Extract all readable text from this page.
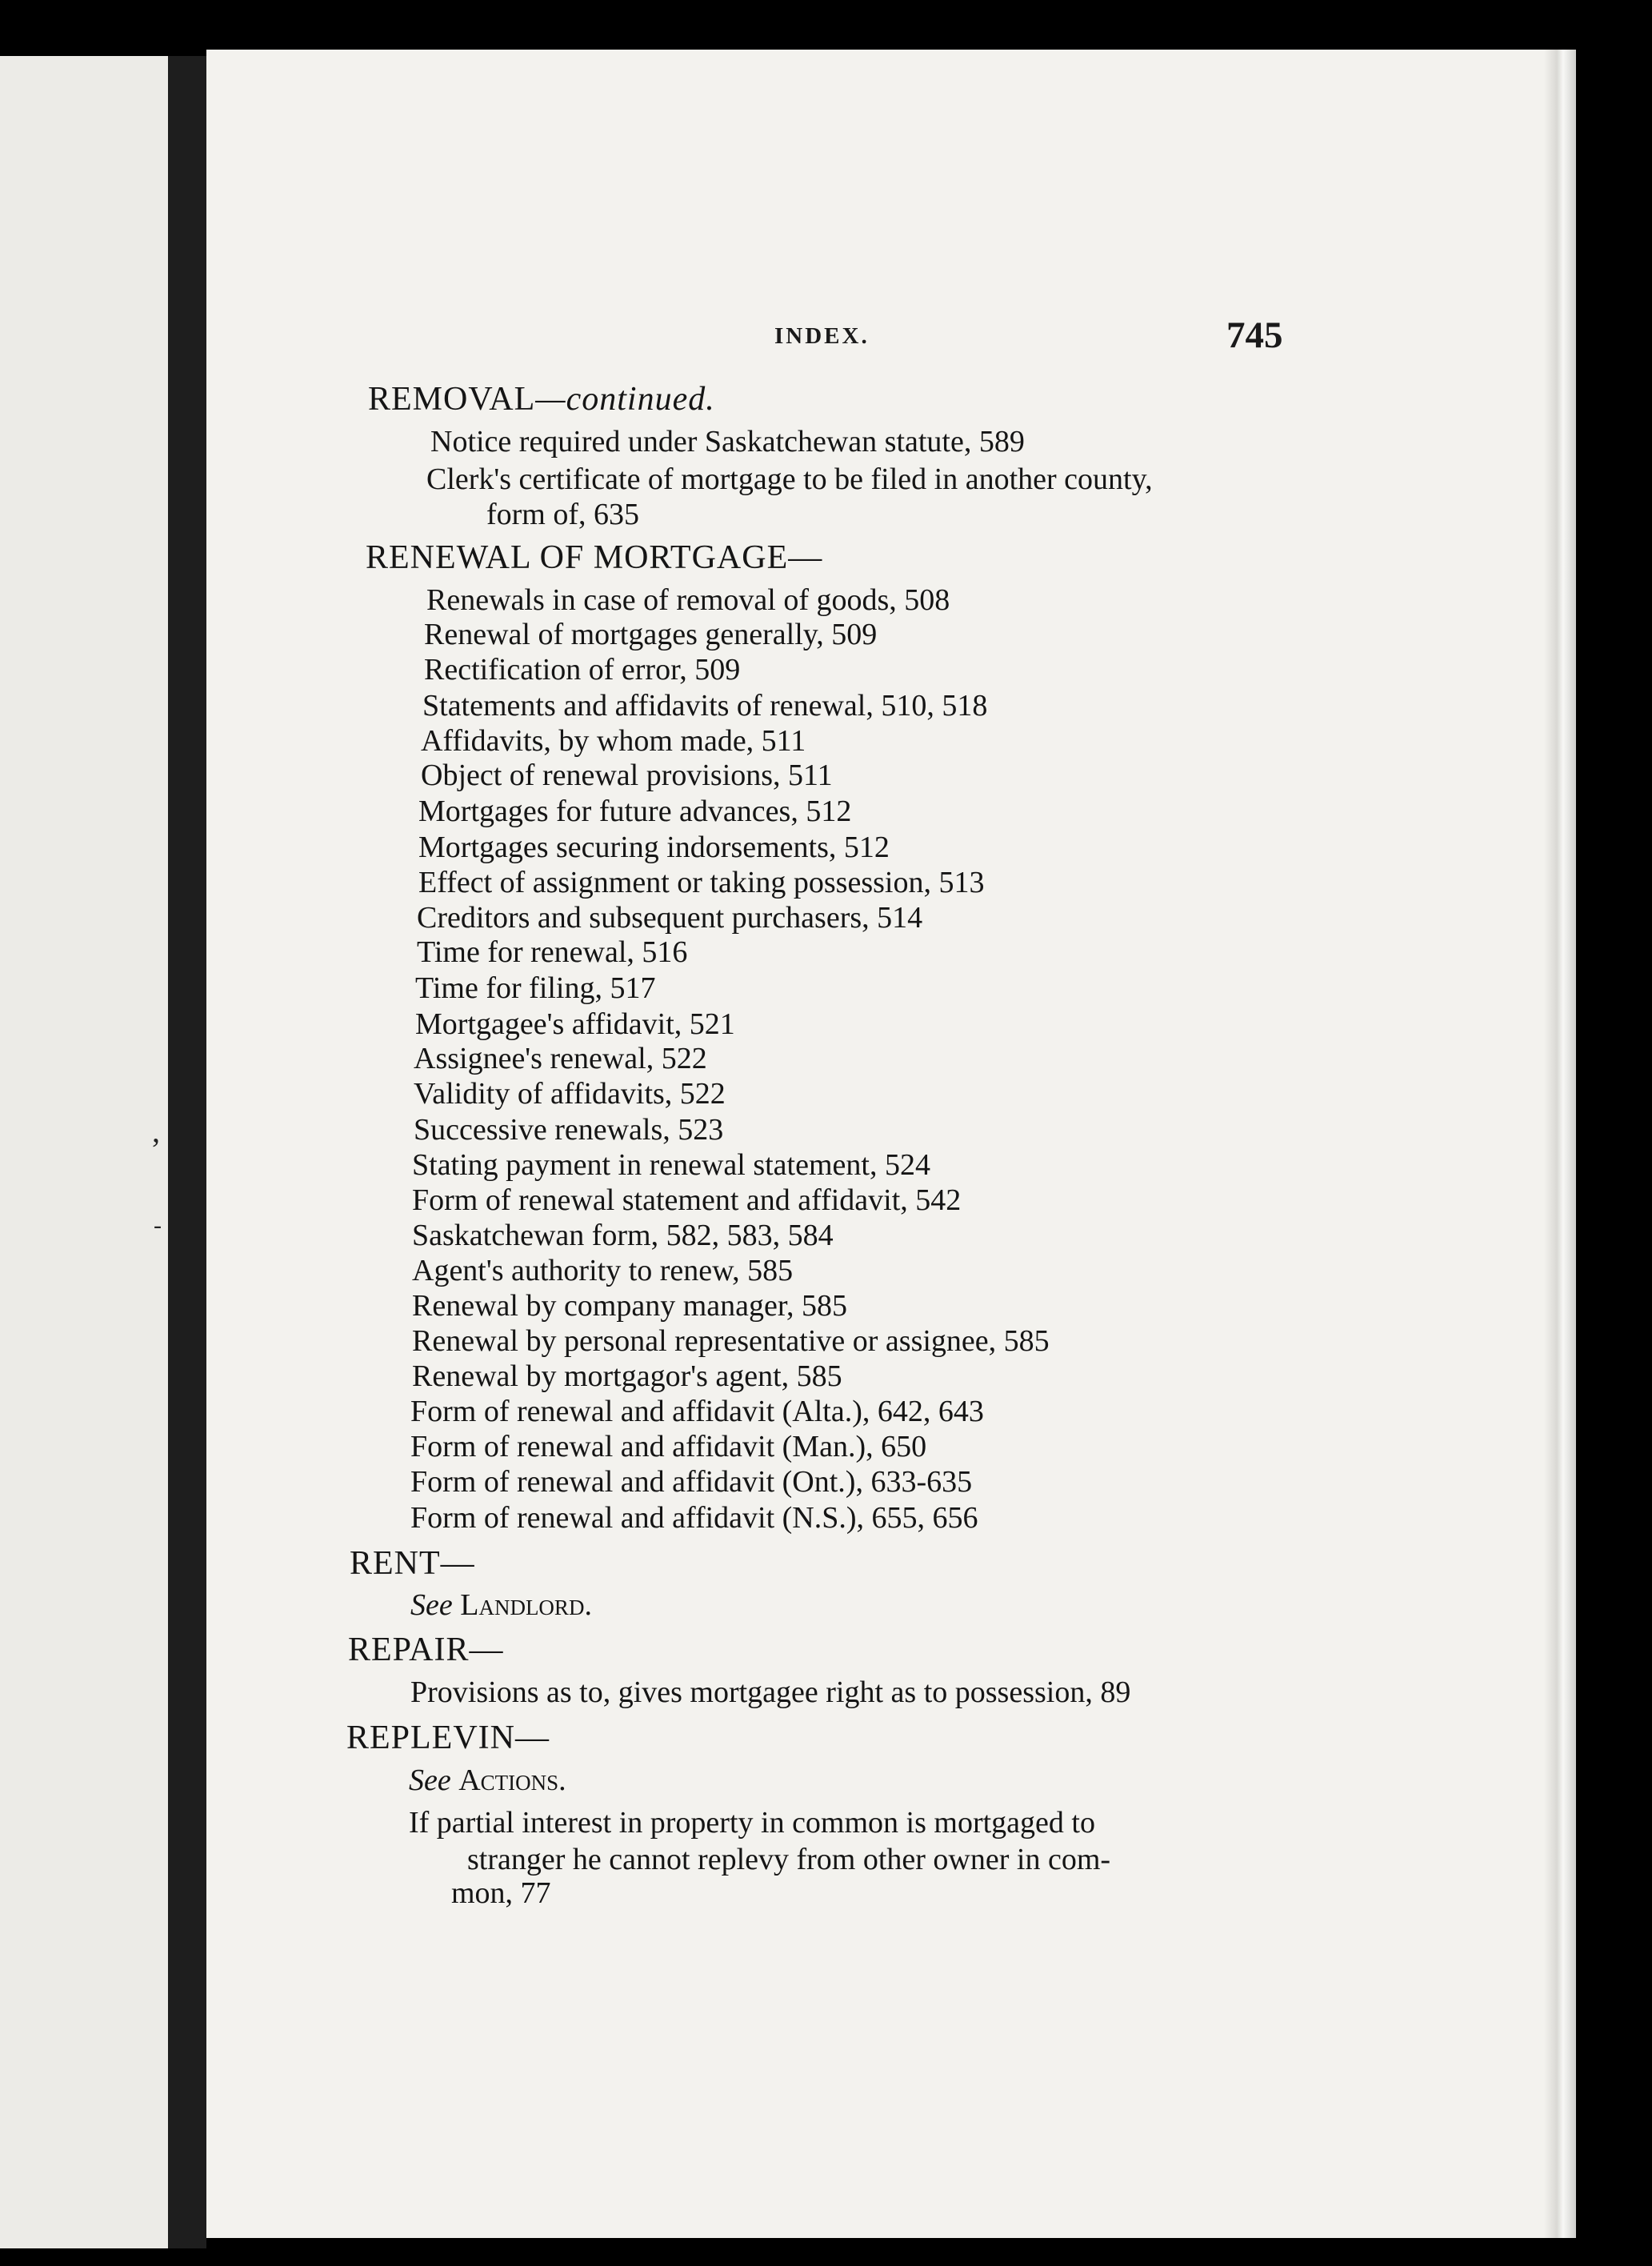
,
-
INDEX.	745
REMOVAL—continued.
Notice required under Saskatchewan statute, 589
Clerk's certificate of mortgage to be filed in another county,
form of, 635
RENEWAL OF MORTGAGE—
Renewals in case of removal of goods, 508
Renewal of mortgages generally, 509
Rectification of error, 509
Statements and affidavits of renewal, 510, 518
Affidavits, by whom made, 511
Object of renewal provisions, 511
Mortgages for future advances, 512
Mortgages securing indorsements, 512
Effect of assignment or taking possession, 513
Creditors and subsequent purchasers, 514
Time for renewal, 516
Time for filing, 517
Mortgagee's affidavit, 521
Assignee's renewal, 522
Validity of affidavits, 522
Successive renewals, 523
Stating payment in renewal statement, 524
Form of renewal statement and affidavit, 542
Saskatchewan form, 582, 583, 584
Agent's authority to renew, 585
Renewal by company manager, 585
Renewal by personal representative or assignee, 585
Renewal by mortgagor's agent, 585
Form of renewal and affidavit (Alta.), 642, 643
Form of renewal and affidavit (Man.), 650
Form of renewal and affidavit (Ont.), 633-635
Form of renewal and affidavit (N.S.), 655, 656
RENT—
See Landlord.
REPAIR—
Provisions as to, gives mortgagee right as to possession, 89
REPLEVIN—
See Actions.
If partial interest in property in common is mortgaged to
stranger he cannot replevy from other owner in com-
mon, 77
